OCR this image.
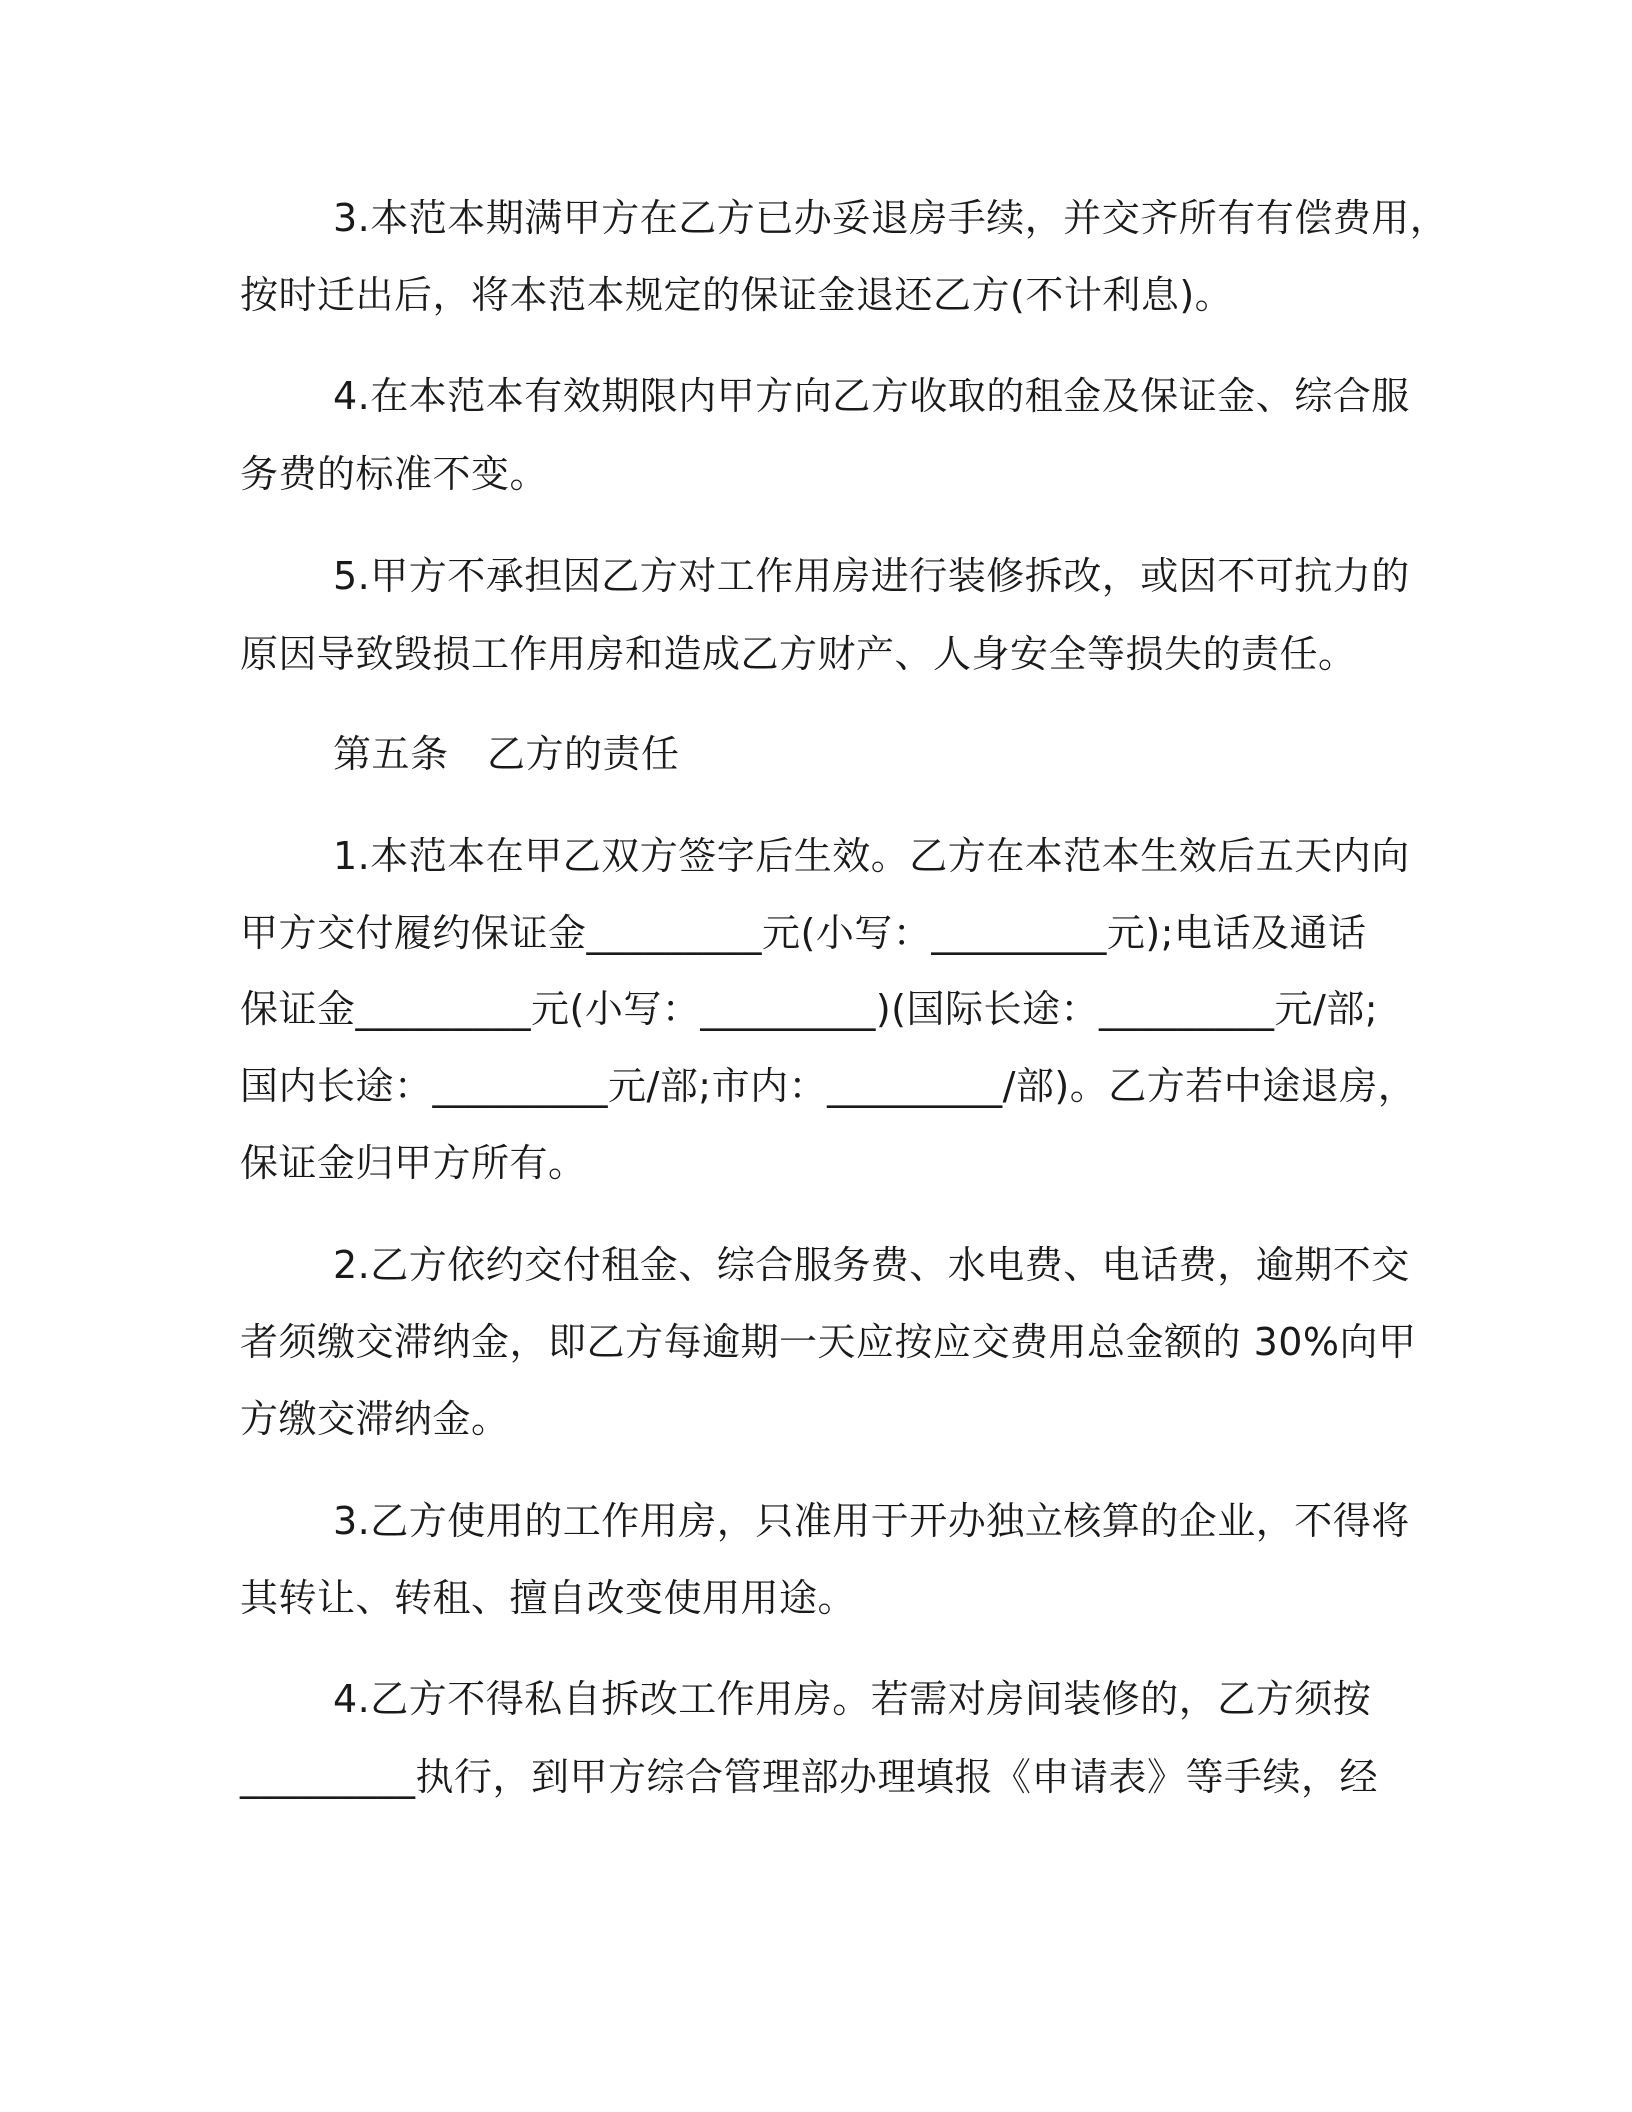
3.本范本期满甲方在乙方已办妥退房手续，并交齐所有有偿费用，
按时迁出后，将本范本规定的保证金退还乙方(不计利息)。
4.在本范本有效期限内甲方向乙方收取的租金及保证金、综合服
务费的标准不变。
5.甲方不承担因乙方对工作用房进行装修拆改，或因不可抗力的
原因导致毁损工作用房和造成乙方财产、人身安全等损失的责任。
第五条　乙方的责任
1.本范本在甲乙双方签字后生效。乙方在本范本生效后五天内向
甲方交付履约保证金_________元(小写：_________元);电话及通话
保证金_________元(小写：_________)(国际长途：_________元/部;
国内长途：_________元/部;市内：_________/部)。乙方若中途退房，
保证金归甲方所有。
2.乙方依约交付租金、综合服务费、水电费、电话费，逾期不交
者须缴交滞纳金，即乙方每逾期一天应按应交费用总金额的 30%向甲
方缴交滞纳金。
3.乙方使用的工作用房，只准用于开办独立核算的企业，不得将
其转让、转租、擅自改变使用用途。
4.乙方不得私自拆改工作用房。若需对房间装修的，乙方须按
_________执行，到甲方综合管理部办理填报《申请表》等手续，经
